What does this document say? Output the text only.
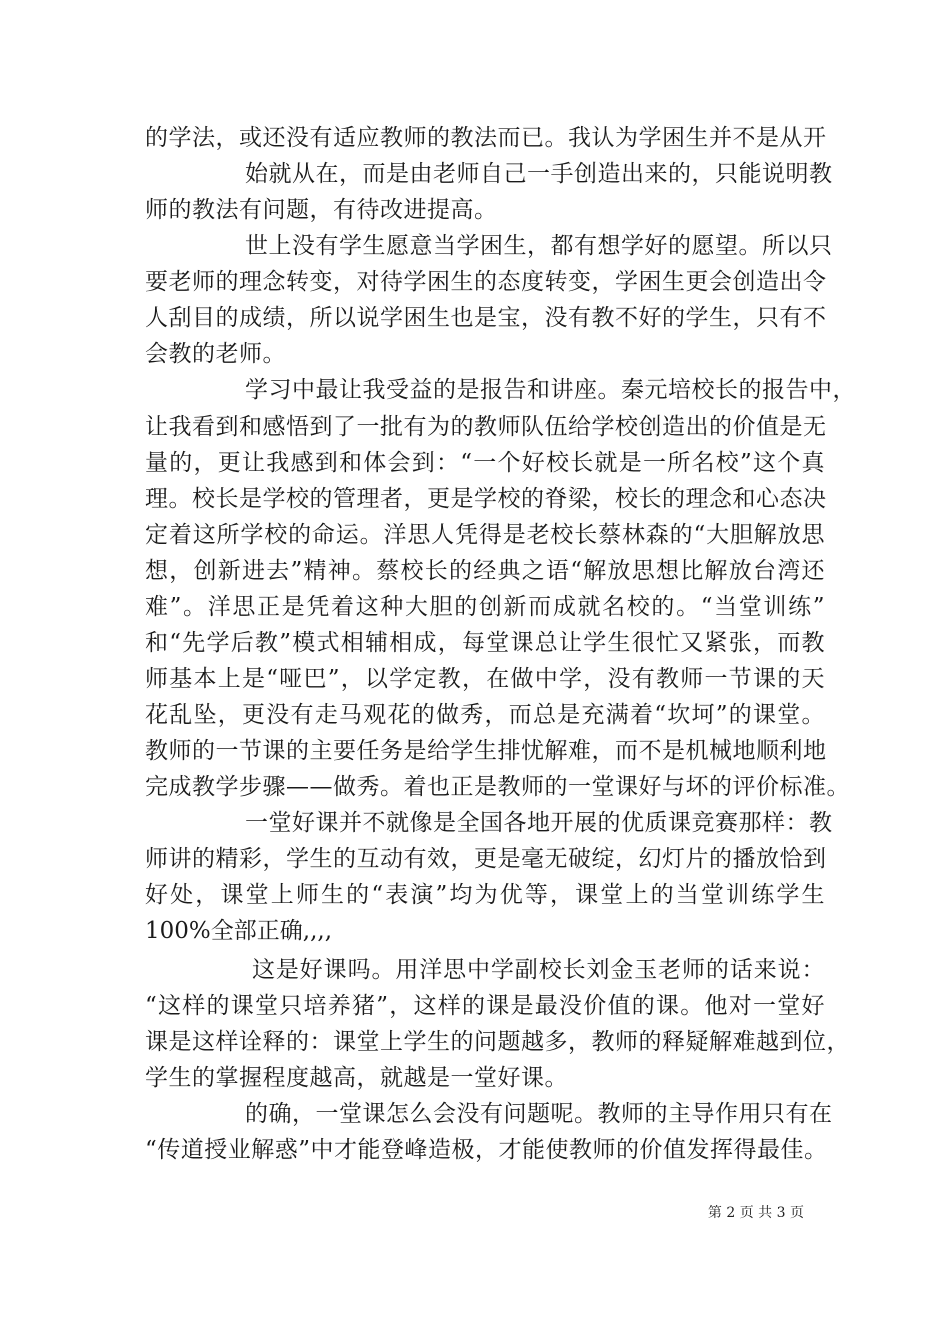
的学法，或还没有适应教师的教法而已。我认为学困生并不是从开
始就从在，而是由老师自己一手创造出来的，只能说明教
师的教法有问题，有待改进提高。
世上没有学生愿意当学困生，都有想学好的愿望。所以只
要老师的理念转变，对待学困生的态度转变，学困生更会创造出令
人刮目的成绩，所以说学困生也是宝，没有教不好的学生，只有不
会教的老师。
学习中最让我受益的是报告和讲座。秦元培校长的报告中，
让我看到和感悟到了一批有为的教师队伍给学校创造出的价值是无
量的，更让我感到和体会到：“一个好校长就是一所名校”这个真
理。校长是学校的管理者，更是学校的脊梁，校长的理念和心态决
定着这所学校的命运。洋思人凭得是老校长蔡林森的“大胆解放思
想，创新进去”精神。蔡校长的经典之语“解放思想比解放台湾还
难”。洋思正是凭着这种大胆的创新而成就名校的。“当堂训练”
和“先学后教”模式相辅相成，每堂课总让学生很忙又紧张，而教
师基本上是“哑巴”，以学定教，在做中学，没有教师一节课的天
花乱坠，更没有走马观花的做秀，而总是充满着“坎坷”的课堂。
教师的一节课的主要任务是给学生排忧解难，而不是机械地顺利地
完成教学步骤——做秀。着也正是教师的一堂课好与坏的评价标准。
一堂好课并不就像是全国各地开展的优质课竞赛那样：教
师讲的精彩，学生的互动有效，更是毫无破绽，幻灯片的播放恰到
好处，课堂上师生的“表演”均为优等，课堂上的当堂训练学生
100%全部正确,,,,
这是好课吗。用洋思中学副校长刘金玉老师的话来说：
“这样的课堂只培养猪”，这样的课是最没价值的课。他对一堂好
课是这样诠释的：课堂上学生的问题越多，教师的释疑解难越到位，
学生的掌握程度越高，就越是一堂好课。
的确，一堂课怎么会没有问题呢。教师的主导作用只有在
“传道授业解惑”中才能登峰造极，才能使教师的价值发挥得最佳。
第 2 页 共 3 页
